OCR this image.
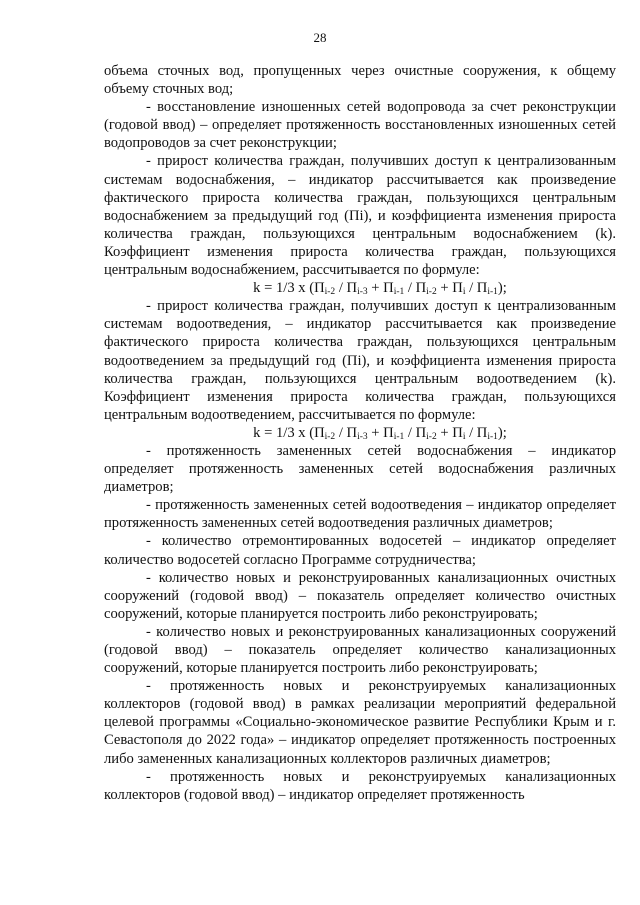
28

объема сточных вод, пропущенных через очистные сооружения, к общему объему сточных вод;

- восстановление изношенных сетей водопровода за счет реконструкции (годовой ввод) – определяет протяженность восстановленных изношенных сетей водопроводов за счет реконструкции;

- прирост количества граждан, получивших доступ к централизованным системам водоснабжения, – индикатор рассчитывается как произведение фактического прироста количества граждан, пользующихся центральным водоснабжением за предыдущий год (Пi), и коэффициента изменения прироста количества граждан, пользующихся центральным водоснабжением (k). Коэффициент изменения прироста количества граждан, пользующихся центральным водоснабжением, рассчитывается по формуле:

k = 1/3 x $(П_{i-2} / П_{i-3} + П_{i-1} / П_{i-2} + П_i / П_{i-1})$;

- прирост количества граждан, получивших доступ к централизованным системам водоотведения, – индикатор рассчитывается как произведение фактического прироста количества граждан, пользующихся центральным водоотведением за предыдущий год (Пi), и коэффициента изменения прироста количества граждан, пользующихся центральным водоотведением (k). Коэффициент изменения прироста количества граждан, пользующихся центральным водоотведением, рассчитывается по формуле:

k = 1/3 x $(П_{i-2} / П_{i-3} + П_{i-1} / П_{i-2} + П_i / П_{i-1})$;

- протяженность замененных сетей водоснабжения – индикатор определяет протяженность замененных сетей водоснабжения различных диаметров;

- протяженность замененных сетей водоотведения – индикатор определяет протяженность замененных сетей водоотведения различных диаметров;

- количество отремонтированных водосетей – индикатор определяет количество водосетей согласно Программе сотрудничества;

- количество новых и реконструированных канализационных очистных сооружений (годовой ввод) – показатель определяет количество очистных сооружений, которые планируется построить либо реконструировать;

- количество новых и реконструированных канализационных сооружений (годовой ввод) – показатель определяет количество канализационных сооружений, которые планируется построить либо реконструировать;

- протяженность новых и реконструируемых канализационных коллекторов (годовой ввод) в рамках реализации мероприятий федеральной целевой программы «Социально-экономическое развитие Республики Крым и г. Севастополя до 2022 года» – индикатор определяет протяженность построенных либо замененных канализационных коллекторов различных диаметров;

- протяженность новых и реконструируемых канализационных коллекторов (годовой ввод) – индикатор определяет протяженность
